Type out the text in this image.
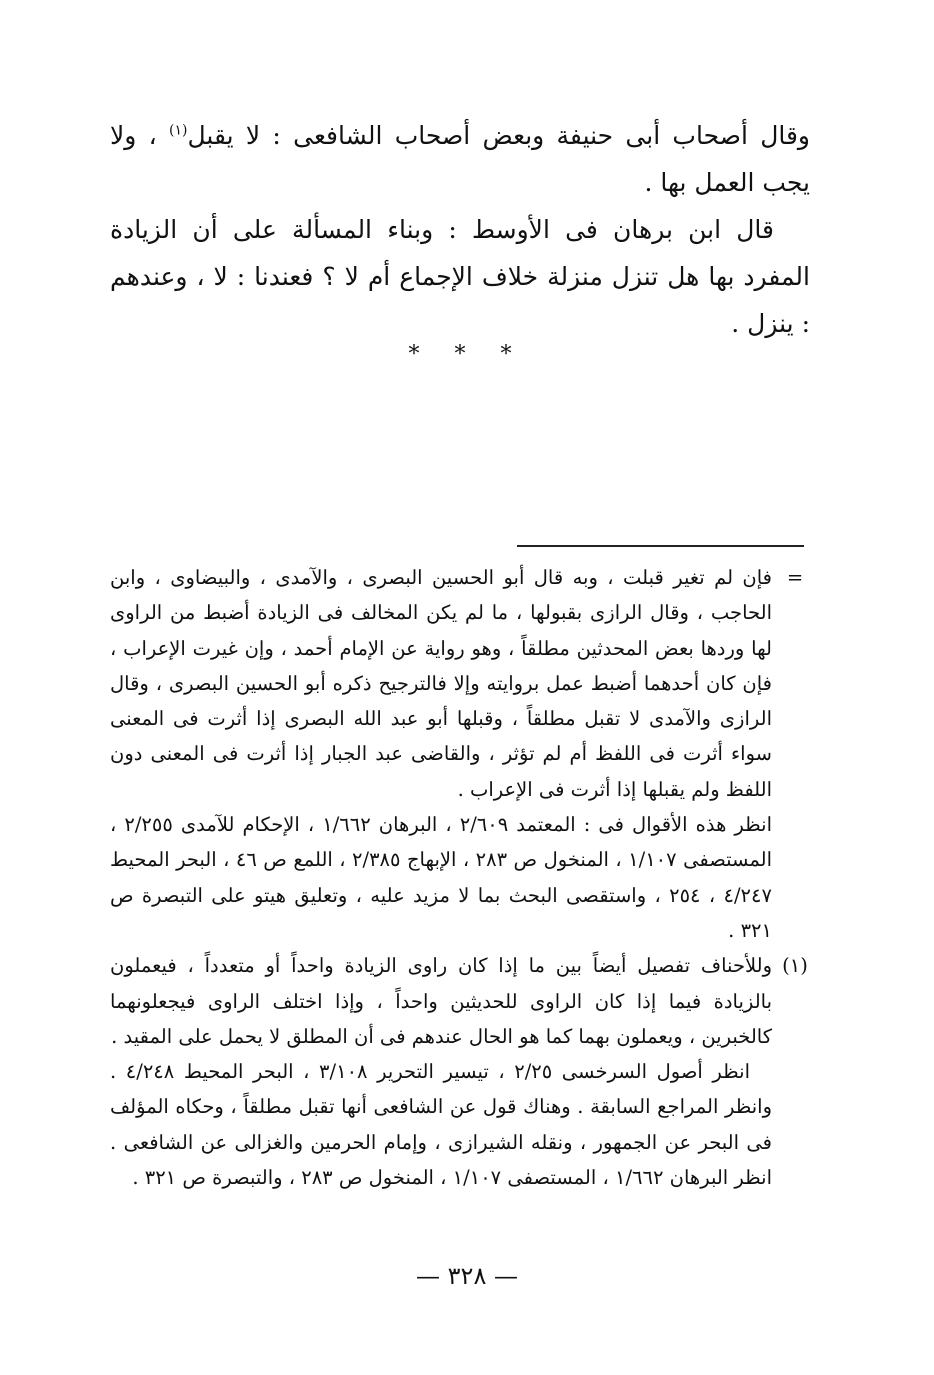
وقال أصحاب أبى حنيفة وبعض أصحاب الشافعى : لا يقبل$^{(١)}$ ، ولا يجب العمل بها .

قال ابن برهان فى الأوسط : وبناء المسألة على أن الزيادة المفرد بها هل تنزل منزلة خلاف الإجماع أم لا ؟ فعندنا : لا ، وعندهم : ينزل .

* * *
=

فإن لم تغير قبلت ، وبه قال أبو الحسين البصرى ، والآمدى ، والبيضاوى ، وابن الحاجب ، وقال الرازى بقبولها ، ما لم يكن المخالف فى الزيادة أضبط من الراوى لها وردها بعض المحدثين مطلقاً ، وهو رواية عن الإمام أحمد ، وإن غيرت الإعراب ، فإن كان أحدهما أضبط عمل بروايته وإلا فالترجيح ذكره أبو الحسين البصرى ، وقال الرازى والآمدى لا تقبل مطلقاً ، وقبلها أبو عبد الله البصرى إذا أثرت فى المعنى سواء أثرت فى اللفظ أم لم تؤثر ، والقاضى عبد الجبار إذا أثرت فى المعنى دون اللفظ ولم يقبلها إذا أثرت فى الإعراب .

انظر هذه الأقوال فى : المعتمد ٢/٦٠٩ ، البرهان ١/٦٦٢ ، الإحكام للآمدى ٢/٢٥٥ ، المستصفى ١/١٠٧ ، المنخول ص ٢٨٣ ، الإبهاج ٢/٣٨٥ ، اللمع ص ٤٦ ، البحر المحيط ٤/٢٤٧ ، ٢٥٤ ، واستقصى البحث بما لا مزيد عليه ، وتعليق هيتو على التبصرة ص ٣٢١ .

(١)

وللأحناف تفصيل أيضاً بين ما إذا كان راوى الزيادة واحداً أو متعدداً ، فيعملون بالزيادة فيما إذا كان الراوى للحديثين واحداً ، وإذا اختلف الراوى فيجعلونهما كالخبرين ، ويعملون بهما كما هو الحال عندهم فى أن المطلق لا يحمل على المقيد .

انظر أصول السرخسى ٢/٢٥ ، تيسير التحرير ٣/١٠٨ ، البحر المحيط ٤/٢٤٨ . وانظر المراجع السابقة . وهناك قول عن الشافعى أنها تقبل مطلقاً ، وحكاه المؤلف فى البحر عن الجمهور ، ونقله الشيرازى ، وإمام الحرمين والغزالى عن الشافعى . انظر البرهان ١/٦٦٢ ، المستصفى ١/١٠٧ ، المنخول ص ٢٨٣ ، والتبصرة ص ٣٢١ .

— ٣٢٨ —
